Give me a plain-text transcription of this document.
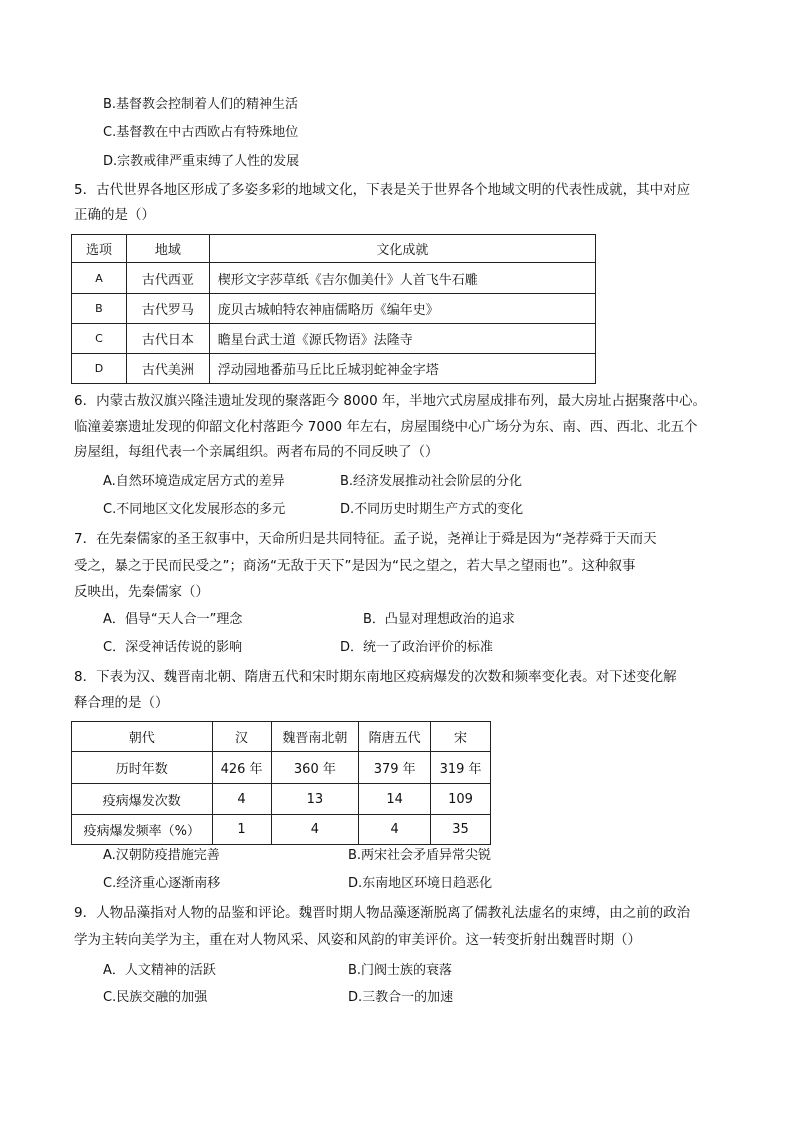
B.基督教会控制着人们的精神生活
C.基督教在中古西欧占有特殊地位
D.宗教戒律严重束缚了人性的发展
5．古代世界各地区形成了多姿多彩的地域文化，下表是关于世界各个地域文明的代表性成就，其中对应
正确的是（）
选项	地域	文化成就
A	古代西亚	楔形文字莎草纸《吉尔伽美什》人首飞牛石雕
B	古代罗马	庞贝古城帕特农神庙儒略历《编年史》
C	古代日本	瞻星台武士道《源氏物语》法隆寺
D	古代美洲	浮动园地番茄马丘比丘城羽蛇神金字塔
6．内蒙古敖汉旗兴隆洼遗址发现的聚落距今 8000 年，半地穴式房屋成排布列，最大房址占据聚落中心。
临潼姜寨遗址发现的仰韶文化村落距今 7000 年左右，房屋围绕中心广场分为东、南、西、西北、北五个
房屋组，每组代表一个亲属组织。两者布局的不同反映了（）
A.自然环境造成定居方式的差异	B.经济发展推动社会阶层的分化
C.不同地区文化发展形态的多元	D.不同历史时期生产方式的变化
7．在先秦儒家的圣王叙事中，天命所归是共同特征。孟子说，尧禅让于舜是因为“尧荐舜于天而天
受之，暴之于民而民受之”；商汤“无敌于天下”是因为“民之望之，若大旱之望雨也”。这种叙事
反映出，先秦儒家（）
A．倡导“天人合一”理念	B．凸显对理想政治的追求
C．深受神话传说的影响	D．统一了政治评价的标准
8．下表为汉、魏晋南北朝、隋唐五代和宋时期东南地区疫病爆发的次数和频率变化表。对下述变化解
释合理的是（）
朝代	汉	魏晋南北朝	隋唐五代	宋
历时年数	426 年	360 年	379 年	319 年
疫病爆发次数	4	13	14	109
疫病爆发频率（%）	1	4	4	35
A.汉朝防疫措施完善	B.两宋社会矛盾异常尖锐
C.经济重心逐渐南移	D.东南地区环境日趋恶化
9．人物品藻指对人物的品鉴和评论。魏晋时期人物品藻逐渐脱离了儒教礼法虚名的束缚，由之前的政治
学为主转向美学为主，重在对人物风采、风姿和风韵的审美评价。这一转变折射出魏晋时期（）
A．人文精神的活跃	B.门阀士族的衰落
C.民族交融的加强	D.三教合一的加速
